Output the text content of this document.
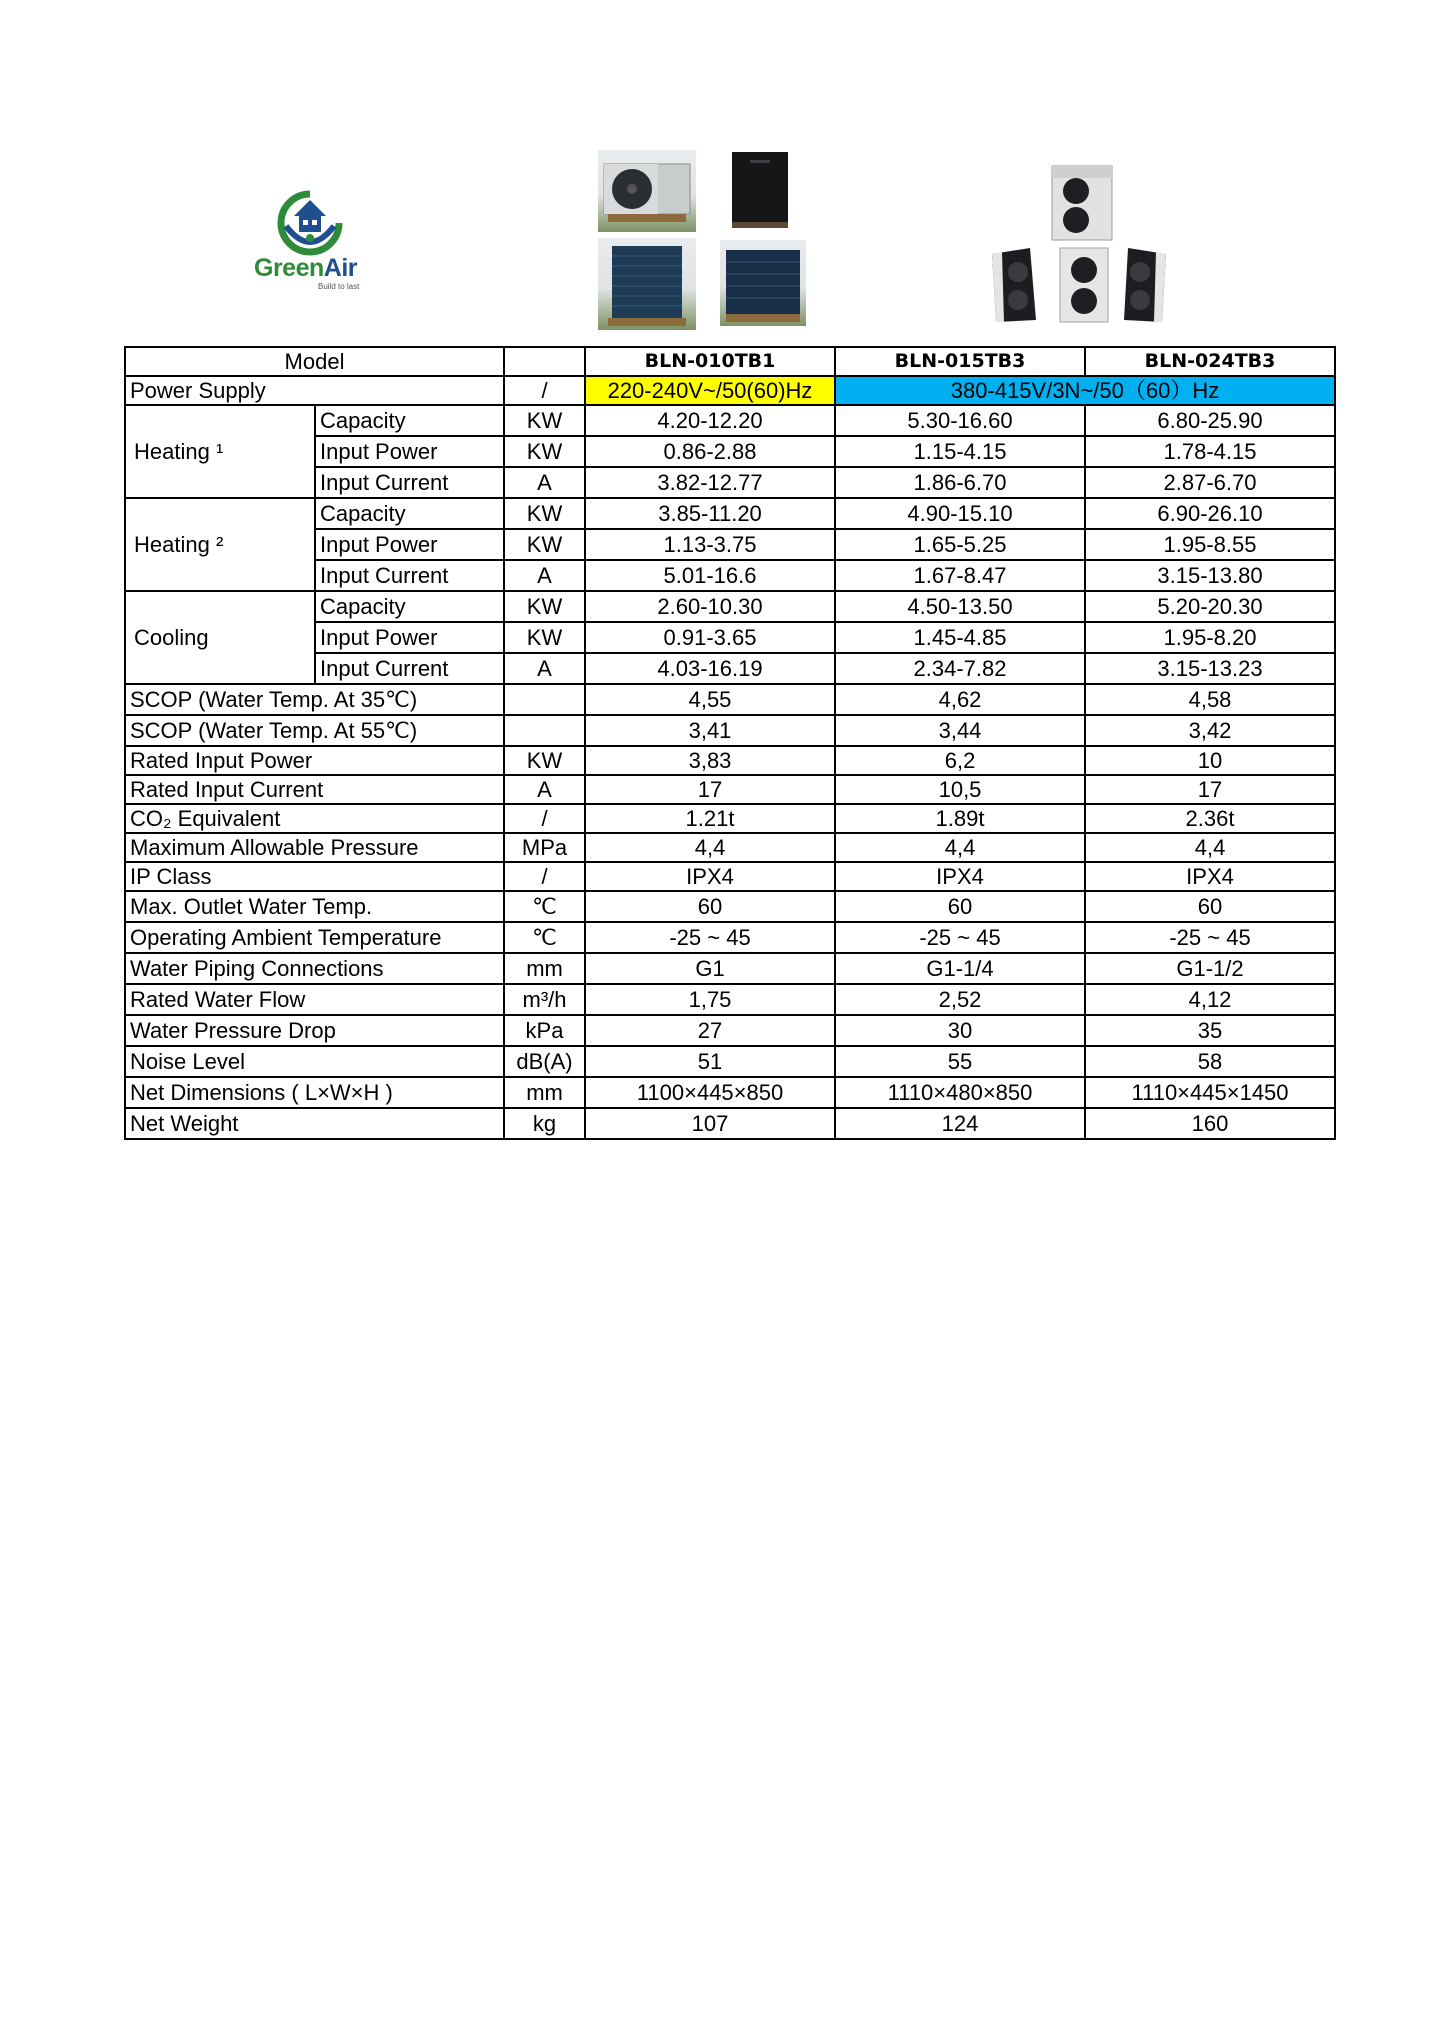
GreenAir
Build to last
Model			BLN-010TB1	BLN-015TB3	BLN-024TB3
Power Supply		/	220-240V~/50(60)Hz	380-415V/3N~/50（60）Hz	
Heating ¹	Capacity	KW	4.20-12.20	5.30-16.60	6.80-25.90
	Input Power	KW	0.86-2.88	1.15-4.15	1.78-4.15
	Input Current	A	3.82-12.77	1.86-6.70	2.87-6.70
Heating ²	Capacity	KW	3.85-11.20	4.90-15.10	6.90-26.10
	Input Power	KW	1.13-3.75	1.65-5.25	1.95-8.55
	Input Current	A	5.01-16.6	1.67-8.47	3.15-13.80
Cooling	Capacity	KW	2.60-10.30	4.50-13.50	5.20-20.30
	Input Power	KW	0.91-3.65	1.45-4.85	1.95-8.20
	Input Current	A	4.03-16.19	2.34-7.82	3.15-13.23
SCOP (Water Temp. At 35℃)			4,55	4,62	4,58
SCOP (Water Temp. At 55℃)			3,41	3,44	3,42
Rated Input Power		KW	3,83	6,2	10
Rated Input Current		A	17	10,5	17
CO₂ Equivalent		/	1.21t	1.89t	2.36t
Maximum Allowable Pressure		MPa	4,4	4,4	4,4
IP Class		/	IPX4	IPX4	IPX4
Max. Outlet Water Temp.		℃	60	60	60
Operating Ambient Temperature		℃	-25 ~ 45	-25 ~ 45	-25 ~ 45
Water Piping Connections		mm	G1	G1-1/4	G1-1/2
Rated Water Flow		m³/h	1,75	2,52	4,12
Water Pressure Drop		kPa	27	30	35
Noise Level		dB(A)	51	55	58
Net Dimensions ( L×W×H )		mm	1100×445×850	1110×480×850	1110×445×1450
Net Weight		kg	107	124	160
